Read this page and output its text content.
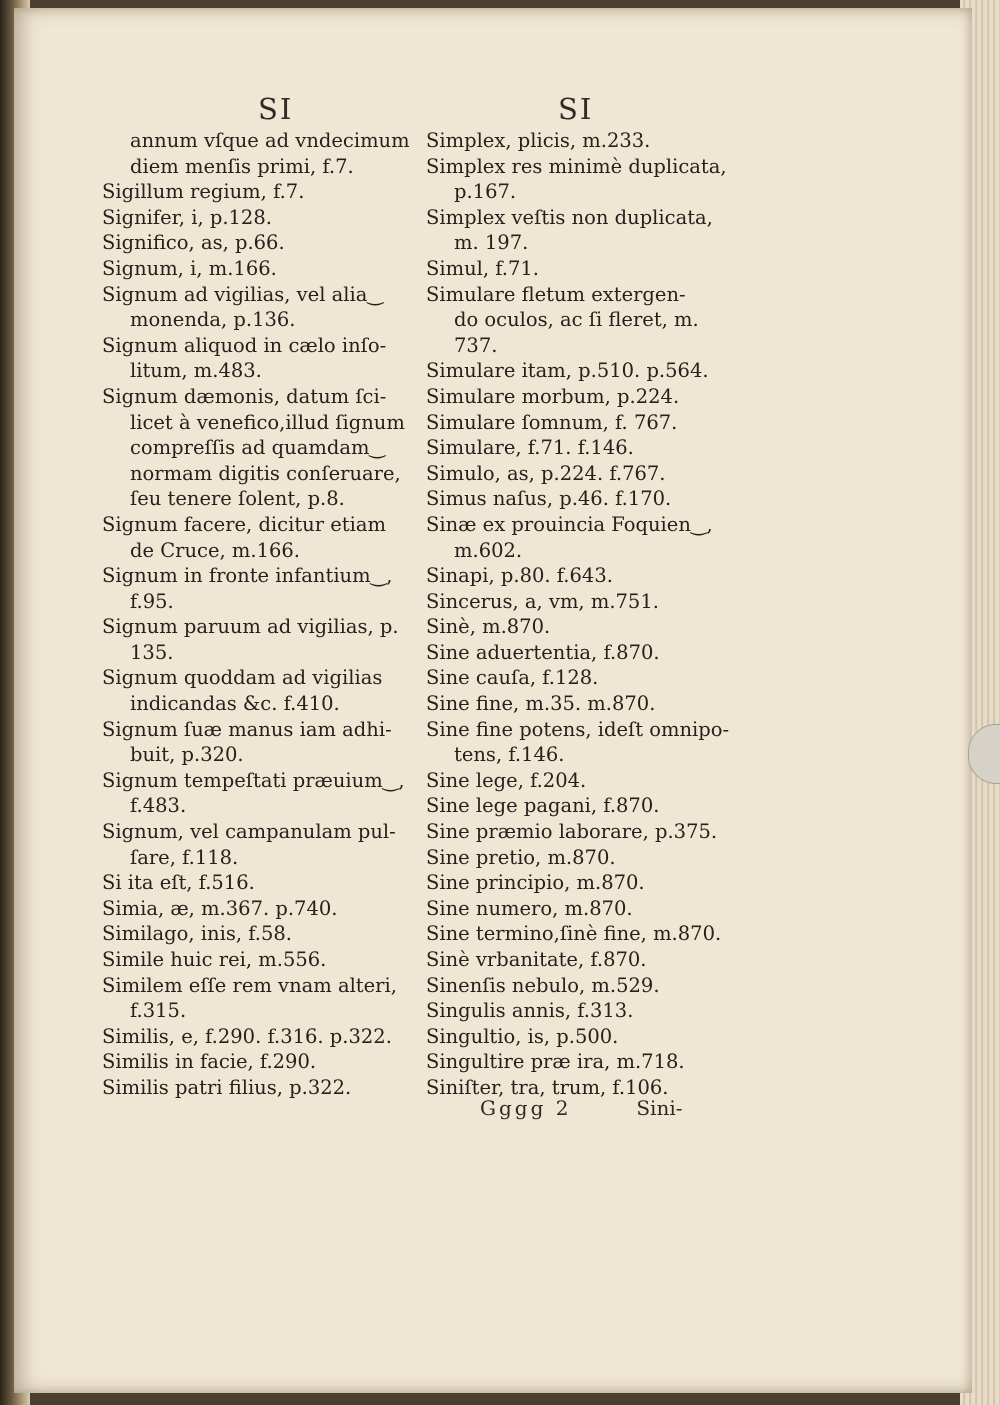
SI	SI
annum vſque ad vndecimum
diem menſis primi, f.7.
Sigillum regium, f.7.
Signifer, i, p.128.
Significo, as, p.66.
Signum, i, m.166.
Signum ad vigilias, vel alia‿
monenda, p.136.
Signum aliquod in cælo inſo-
litum, m.483.
Signum dæmonis, datum ſci-
licet à venefico,illud ſignum
compreſſis ad quamdam‿
normam digitis conſeruare,
ſeu tenere ſolent, p.8.
Signum facere, dicitur etiam
de Cruce, m.166.
Signum in fronte infantium‿,
f.95.
Signum paruum ad vigilias, p.
135.
Signum quoddam ad vigilias
indicandas &c. f.410.
Signum ſuæ manus iam adhi-
buit, p.320.
Signum tempeſtati præuium‿,
f.483.
Signum, vel campanulam pul-
ſare, f.118.
Si ita eſt, f.516.
Simia, æ, m.367. p.740.
Similago, inis, f.58.
Simile huic rei, m.556.
Similem eſſe rem vnam alteri,
f.315.
Similis, e, f.290. f.316. p.322.
Similis in facie, f.290.
Similis patri filius, p.322.
Simplex, plicis, m.233.
Simplex res minimè duplicata,
p.167.
Simplex veſtis non duplicata,
m. 197.
Simul, f.71.
Simulare fletum extergen-
do oculos, ac ſi fleret, m.
737.
Simulare itam, p.510. p.564.
Simulare morbum, p.224.
Simulare ſomnum, f. 767.
Simulare, f.71. f.146.
Simulo, as, p.224. f.767.
Simus naſus, p.46. f.170.
Sinæ ex prouincia Foquien‿,
m.602.
Sinapi, p.80. f.643.
Sincerus, a, vm, m.751.
Sinè, m.870.
Sine aduertentia, f.870.
Sine cauſa, f.128.
Sine fine, m.35. m.870.
Sine fine potens, ideſt omnipo-
tens, f.146.
Sine lege, f.204.
Sine lege pagani, f.870.
Sine præmio laborare, p.375.
Sine pretio, m.870.
Sine principio, m.870.
Sine numero, m.870.
Sine termino,ſinè fine, m.870.
Sinè vrbanitate, f.870.
Sinenſis nebulo, m.529.
Singulis annis, f.313.
Singultio, is, p.500.
Singultire præ ira, m.718.
Siniſter, tra, trum, f.106.
Gggg 2	Sini-
